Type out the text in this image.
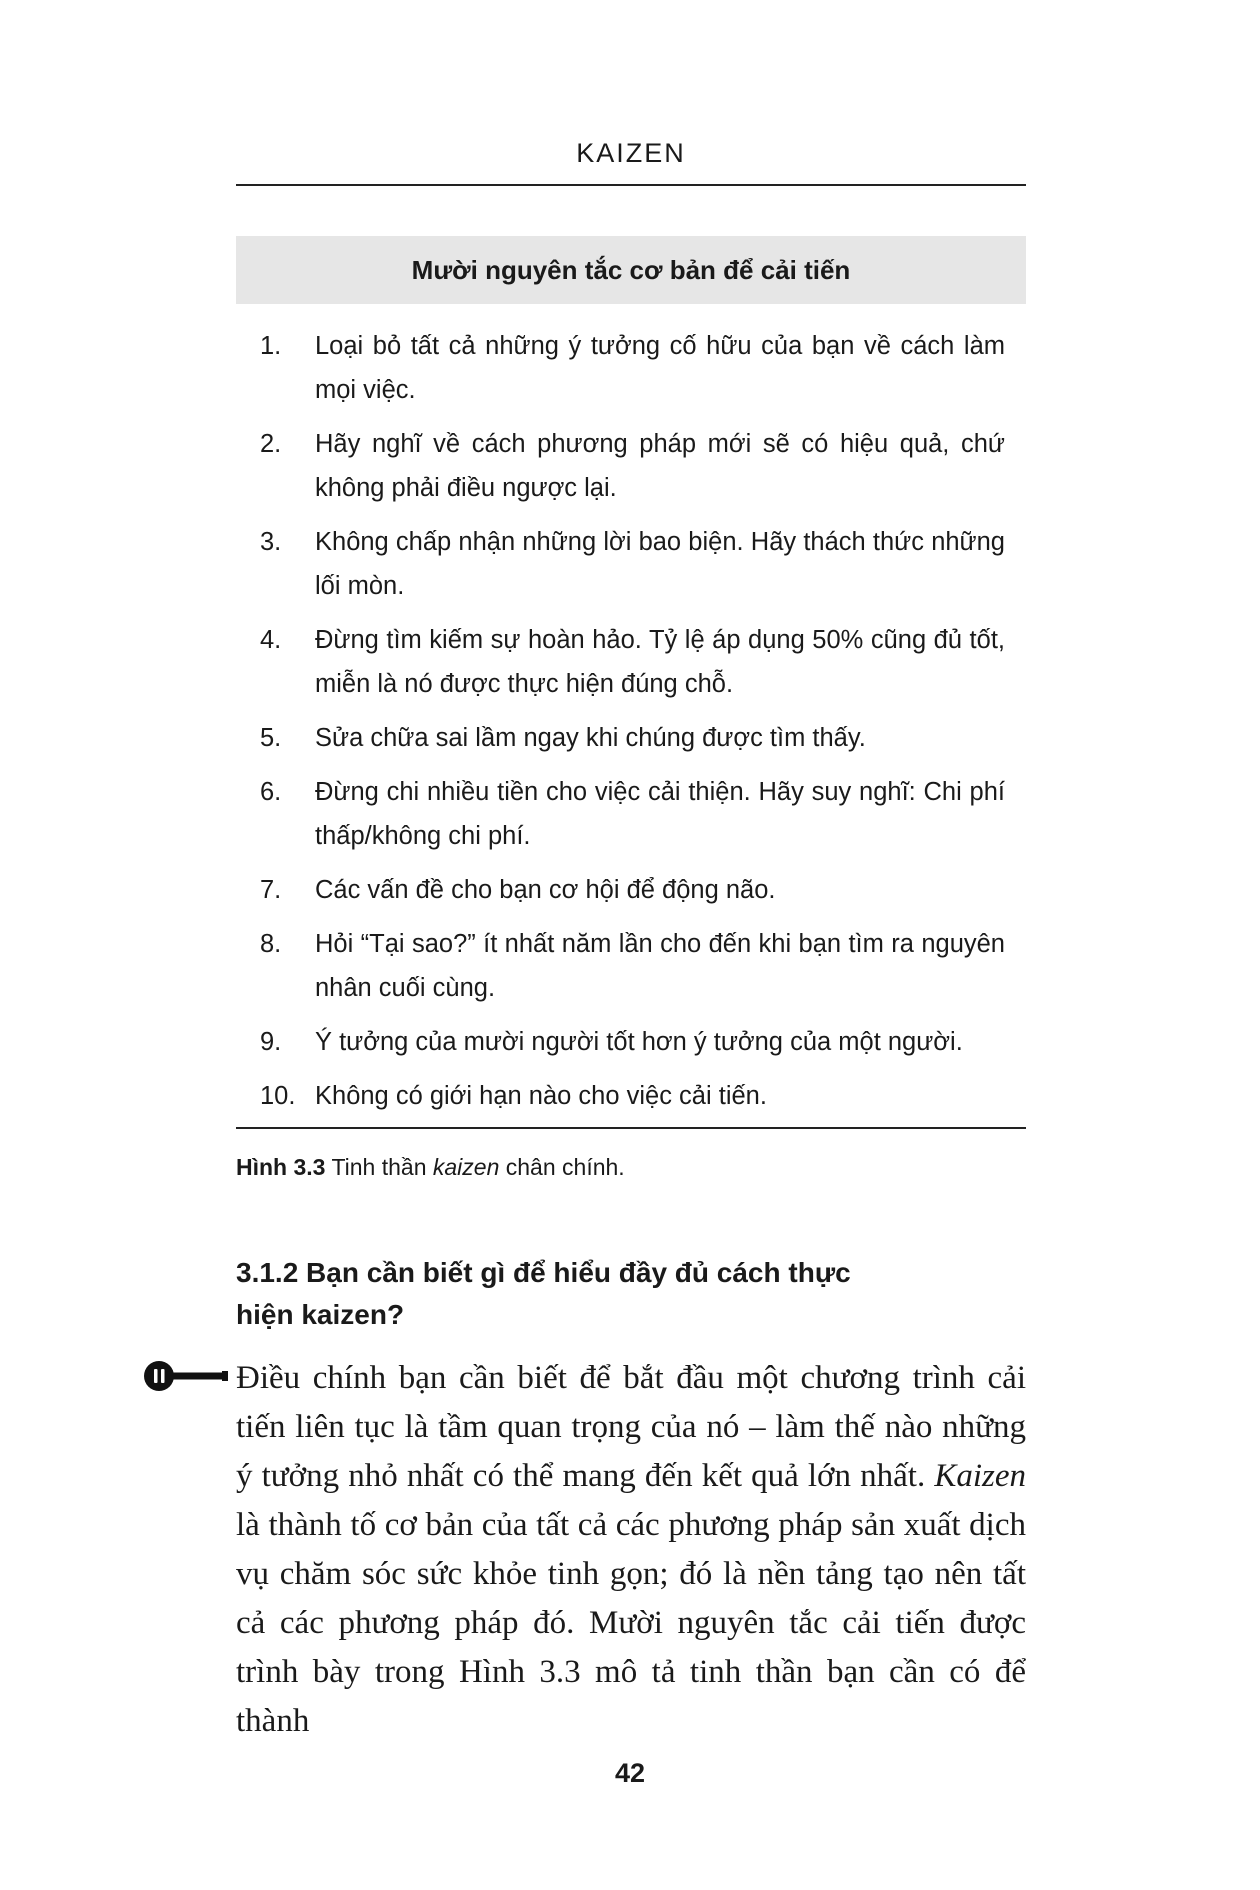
KAIZEN
Mười nguyên tắc cơ bản để cải tiến
1.	Loại bỏ tất cả những ý tưởng cố hữu của bạn về cách làm mọi việc.
2.	Hãy nghĩ về cách phương pháp mới sẽ có hiệu quả, chứ không phải điều ngược lại.
3.	Không chấp nhận những lời bao biện. Hãy thách thức những lối mòn.
4.	Đừng tìm kiếm sự hoàn hảo. Tỷ lệ áp dụng 50% cũng đủ tốt, miễn là nó được thực hiện đúng chỗ.
5.	Sửa chữa sai lầm ngay khi chúng được tìm thấy.
6.	Đừng chi nhiều tiền cho việc cải thiện. Hãy suy nghĩ: Chi phí thấp/không chi phí.
7.	Các vấn đề cho bạn cơ hội để động não.
8.	Hỏi “Tại sao?” ít nhất năm lần cho đến khi bạn tìm ra nguyên nhân cuối cùng.
9.	Ý tưởng của mười người tốt hơn ý tưởng của một người.
10. Không có giới hạn nào cho việc cải tiến.
Hình 3.3 Tinh thần kaizen chân chính.
3.1.2 Bạn cần biết gì để hiểu đầy đủ cách thực hiện kaizen?
Điều chính bạn cần biết để bắt đầu một chương trình cải tiến liên tục là tầm quan trọng của nó – làm thế nào những ý tưởng nhỏ nhất có thể mang đến kết quả lớn nhất. Kaizen là thành tố cơ bản của tất cả các phương pháp sản xuất dịch vụ chăm sóc sức khỏe tinh gọn; đó là nền tảng tạo nên tất cả các phương pháp đó. Mười nguyên tắc cải tiến được trình bày trong Hình 3.3 mô tả tinh thần bạn cần có để thành
42
